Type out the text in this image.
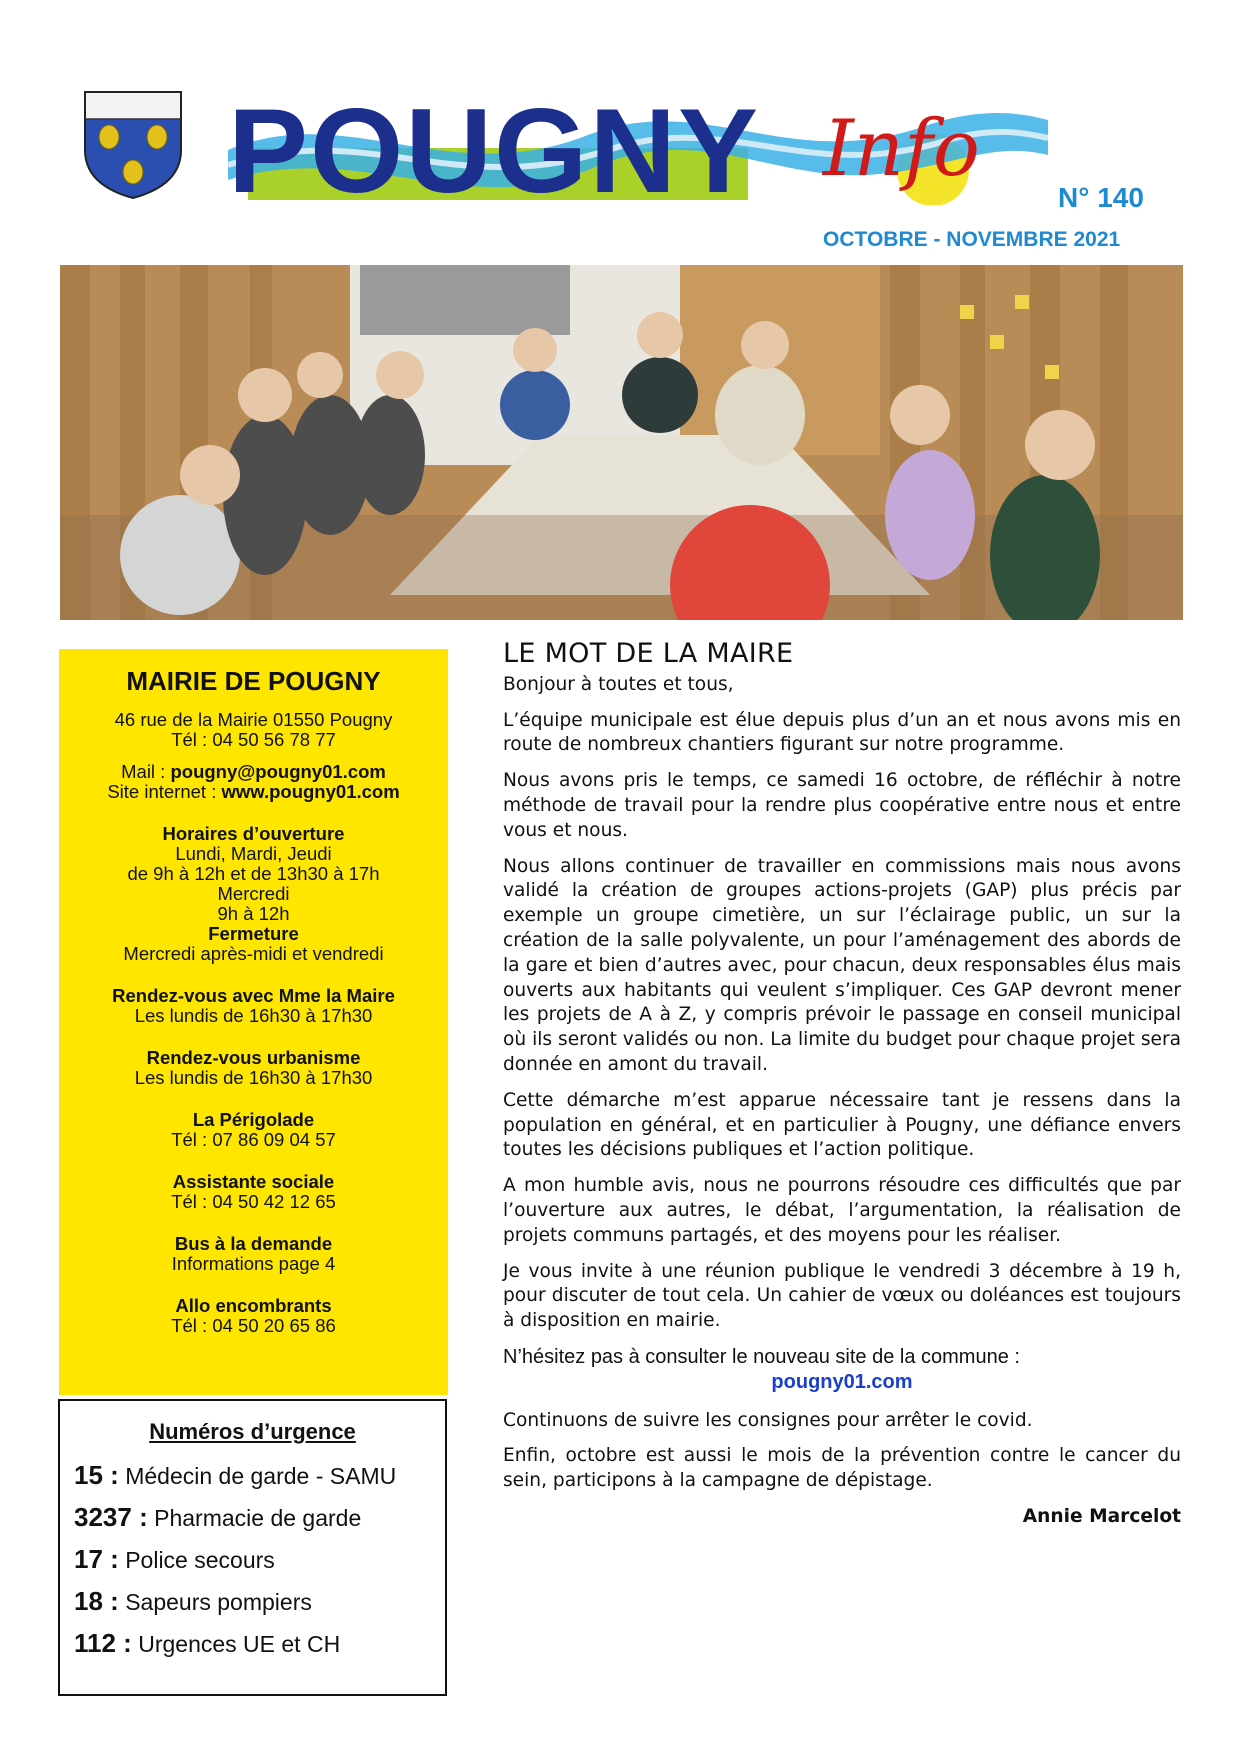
POUGNY Info
N° 140
OCTOBRE - NOVEMBRE 2021
MAIRIE DE POUGNY

46 rue de la Mairie 01550 Pougny

Tél : 04 50 56 78 77

Mail : pougny@pougny01.com

Site internet : www.pougny01.com

Horaires d’ouverture

Lundi, Mardi, Jeudi

de 9h à 12h et de 13h30 à 17h

Mercredi

9h à 12h

Fermeture

Mercredi après-midi et vendredi

Rendez-vous avec Mme la Maire

Les lundis de 16h30 à 17h30

Rendez-vous urbanisme

Les lundis de 16h30 à 17h30

La Périgolade

Tél : 07 86 09 04 57

Assistante sociale

Tél : 04 50 42 12 65

Bus à la demande

Informations page 4

Allo encombrants

Tél : 04 50 20 65 86

Numéros d’urgence
15 : Médecin de garde - SAMU
3237 : Pharmacie de garde
17 : Police secours
18 : Sapeurs pompiers
112 : Urgences UE et CH
LE MOT DE LA MAIRE

Bonjour à toutes et tous,

L’équipe municipale est élue depuis plus d’un an et nous avons mis en route de nombreux chantiers figurant sur notre programme.

Nous avons pris le temps, ce samedi 16 octobre, de réfléchir à notre méthode de travail pour la rendre plus coopérative entre nous et entre vous et nous.

Nous allons continuer de travailler en commissions mais nous avons validé la création de groupes actions-projets (GAP) plus précis par exemple un groupe cimetière, un sur l’éclairage public, un sur la création de la salle polyvalente, un pour l’aménagement des abords de la gare et bien d’autres avec, pour chacun, deux responsables élus mais ouverts aux habitants qui veulent s’impliquer. Ces GAP devront mener les projets de A à Z, y compris prévoir le passage en conseil municipal où ils seront validés ou non. La limite du budget pour chaque projet sera donnée en amont du travail.

Cette démarche m’est apparue nécessaire tant je ressens dans la population en général, et en particulier à Pougny, une défiance envers toutes les décisions publiques et l’action politique.

A mon humble avis, nous ne pourrons résoudre ces difficultés que par l’ouverture aux autres, le débat, l’argumentation, la réalisation de projets communs partagés, et des moyens pour les réaliser.

Je vous invite à une réunion publique le vendredi 3 décembre à 19 h, pour discuter de tout cela. Un cahier de vœux ou doléances est toujours à disposition en mairie.

N’hésitez pas à consulter le nouveau site de la commune :

pougny01.com

Continuons de suivre les consignes pour arrêter le covid.

Enfin, octobre est aussi le mois de la prévention contre le cancer du sein, participons à la campagne de dépistage.

Annie Marcelot
